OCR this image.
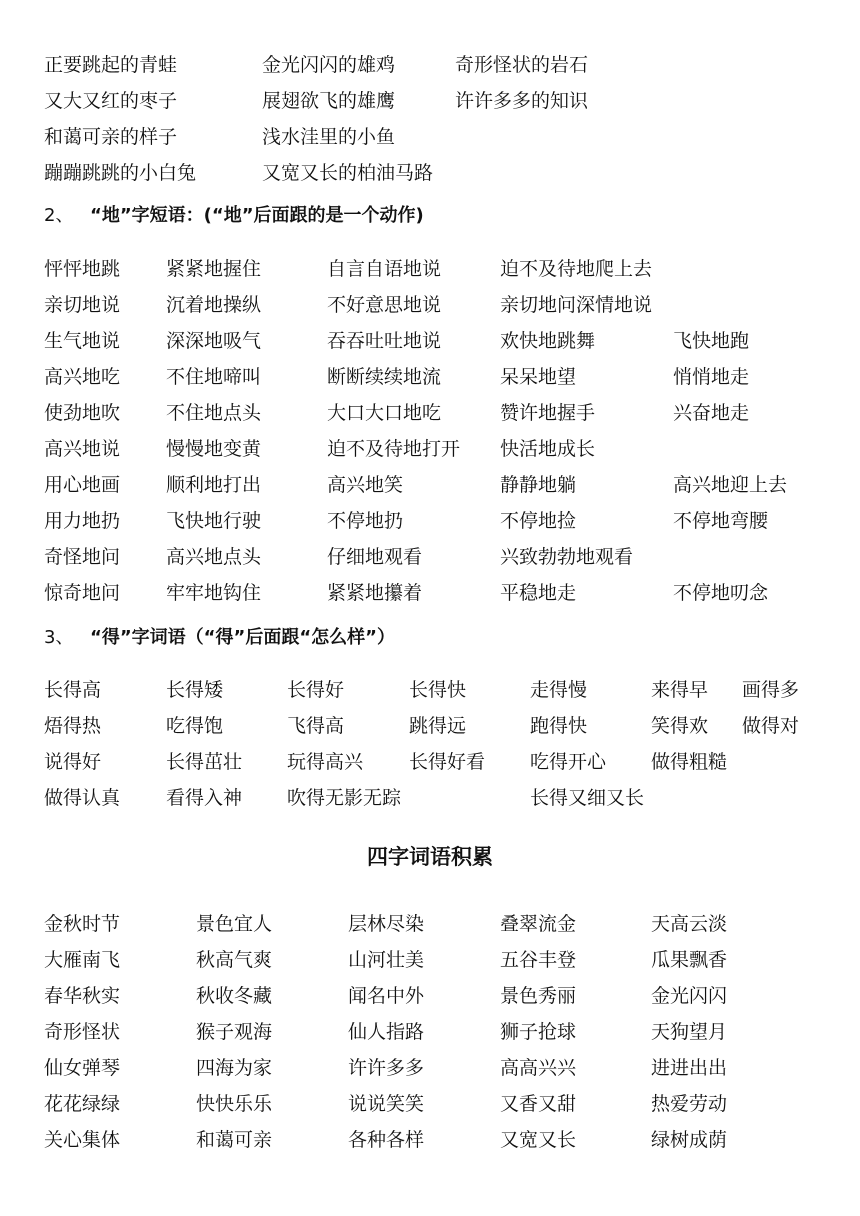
正要跳起的青蛙	金光闪闪的雄鸡	奇形怪状的岩石
又大又红的枣子	展翅欲飞的雄鹰	许许多多的知识
和蔼可亲的样子	浅水洼里的小鱼
蹦蹦跳跳的小白兔	又宽又长的柏油马路
2、 “地”字短语：(“地”后面跟的是一个动作)
怦怦地跳 紧紧地握住	自言自语地说	迫不及待地爬上去
亲切地说 沉着地操纵	不好意思地说	亲切地问深情地说
生气地说 深深地吸气	吞吞吐吐地说	欢快地跳舞	飞快地跑
高兴地吃 不住地啼叫	断断续续地流	呆呆地望	悄悄地走
使劲地吹 不住地点头	大口大口地吃	赞许地握手	兴奋地走
高兴地说 慢慢地变黄	迫不及待地打开 快活地成长
用心地画 顺利地打出	高兴地笑	静静地躺	高兴地迎上去
用力地扔 飞快地行驶	不停地扔	不停地捡	不停地弯腰
奇怪地问 高兴地点头	仔细地观看	兴致勃勃地观看
惊奇地问 牢牢地钩住	紧紧地攥着	平稳地走	不停地叨念
3、 “得”字词语（“得”后面跟“怎么样”）
长得高	长得矮	长得好	长得快	走得慢	来得早 画得多
焐得热	吃得饱	飞得高	跳得远	跑得快	笑得欢 做得对
说得好	长得茁壮 玩得高兴 长得好看 吃得开心 做得粗糙
做得认真 看得入神 吹得无影无踪	长得又细又长
四字词语积累
金秋时节	景色宜人	层林尽染	叠翠流金	天高云淡
大雁南飞	秋高气爽	山河壮美	五谷丰登	瓜果飘香
春华秋实	秋收冬藏	闻名中外	景色秀丽	金光闪闪
奇形怪状	猴子观海	仙人指路	狮子抢球	天狗望月
仙女弹琴	四海为家	许许多多	高高兴兴	进进出出
花花绿绿	快快乐乐	说说笑笑	又香又甜	热爱劳动
关心集体	和蔼可亲	各种各样	又宽又长	绿树成荫
